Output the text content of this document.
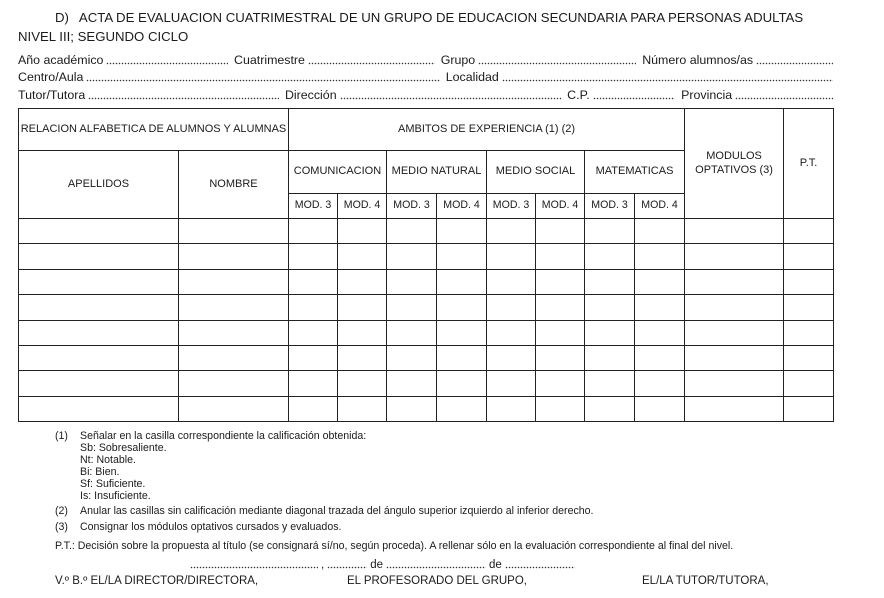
D) ACTA DE EVALUACION CUATRIMESTRAL DE UN GRUPO DE EDUCACION SECUNDARIA PARA PERSONAS ADULTAS
NIVEL III; SEGUNDO CICLO
Año académico	Cuatrimestre	Grupo	Número alumnos/as
Centro/Aula	Localidad
Tutor/Tutora	Dirección	C.P.	Provincia
RELACION ALFABETICA DE ALUMNOS Y ALUMNAS		AMBITOS DE EXPERIENCIA (1) (2)								MODULOS OPTATIVOS (3)	P.T.
APELLIDOS	NOMBRE	COMUNICACION		MEDIO NATURAL		MEDIO SOCIAL		MATEMATICAS			
		MOD. 3	MOD. 4	MOD. 3	MOD. 4	MOD. 3	MOD. 4	MOD. 3	MOD. 4		

(1)	Señalar en la casilla correspondiente la calificación obtenida:
Sb: Sobresaliente.
Nt: Notable.
Bi: Bien.
Sf: Suficiente.
Is: Insuficiente.
(2)	Anular las casillas sin calificación mediante diagonal trazada del ángulo superior izquierdo al inferior derecho.
(3)	Consignar los módulos optativos cursados y evaluados.
P.T.: Decisión sobre la propuesta al título (se consignará sí/no, según proceda). A rellenar sólo en la evaluación correspondiente al final del nivel.
,	de	de
V.º B.º EL/LA DIRECTOR/DIRECTORA,	EL PROFESORADO DEL GRUPO,	EL/LA TUTOR/TUTORA,
